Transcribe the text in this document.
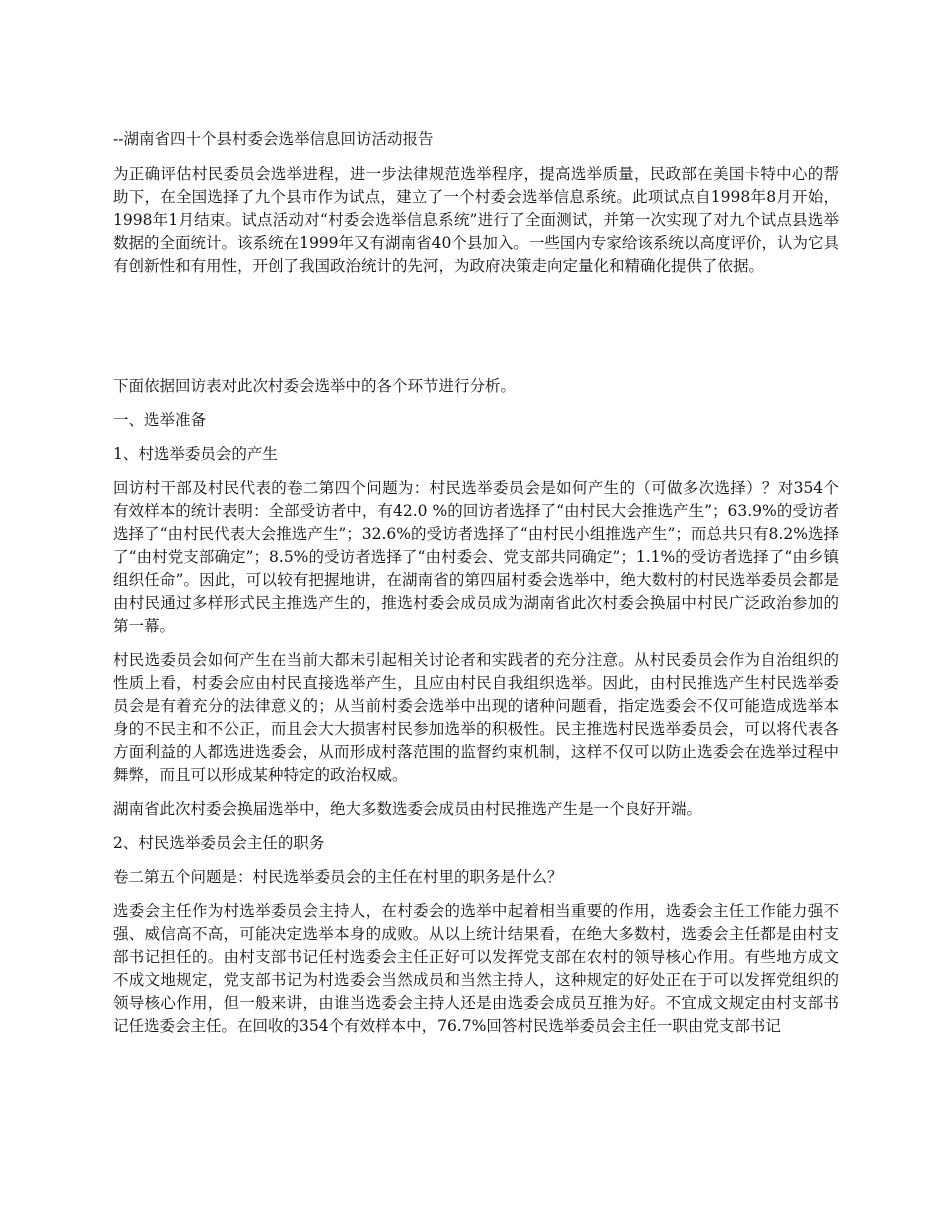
--湖南省四十个县村委会选举信息回访活动报告

为正确评估村民委员会选举进程，进一步法律规范选举程序，提高选举质量，民政部在美国卡特中心的帮助下，在全国选择了九个县市作为试点，建立了一个村委会选举信息系统。此项试点自1998年8月开始，1998年1月结束。试点活动对“村委会选举信息系统”进行了全面测试，并第一次实现了对九个试点县选举数据的全面统计。该系统在1999年又有湖南省40个县加入。一些国内专家给该系统以高度评价，认为它具有创新性和有用性，开创了我国政治统计的先河，为政府决策走向定量化和精确化提供了依据。

下面依据回访表对此次村委会选举中的各个环节进行分析。

一、选举准备

1、村选举委员会的产生

回访村干部及村民代表的卷二第四个问题为：村民选举委员会是如何产生的（可做多次选择）？对354个有效样本的统计表明：全部受访者中，有42.0 %的回访者选择了“由村民大会推选产生”；63.9%的受访者选择了“由村民代表大会推选产生”；32.6%的受访者选择了“由村民小组推选产生”；而总共只有8.2%选择了“由村党支部确定”；8.5%的受访者选择了“由村委会、党支部共同确定”；1.1%的受访者选择了“由乡镇组织任命”。因此，可以较有把握地讲，在湖南省的第四届村委会选举中，绝大数村的村民选举委员会都是由村民通过多样形式民主推选产生的，推选村委会成员成为湖南省此次村委会换届中村民广泛政治参加的第一幕。

村民选委员会如何产生在当前大都未引起相关讨论者和实践者的充分注意。从村民委员会作为自治组织的性质上看，村委会应由村民直接选举产生，且应由村民自我组织选举。因此，由村民推选产生村民选举委员会是有着充分的法律意义的；从当前村委会选举中出现的诸种问题看，指定选委会不仅可能造成选举本身的不民主和不公正，而且会大大损害村民参加选举的积极性。民主推选村民选举委员会，可以将代表各方面利益的人都选进选委会，从而形成村落范围的监督约束机制，这样不仅可以防止选委会在选举过程中舞弊，而且可以形成某种特定的政治权威。

湖南省此次村委会换届选举中，绝大多数选委会成员由村民推选产生是一个良好开端。

2、村民选举委员会主任的职务

卷二第五个问题是：村民选举委员会的主任在村里的职务是什么？

选委会主任作为村选举委员会主持人，在村委会的选举中起着相当重要的作用，选委会主任工作能力强不强、威信高不高，可能决定选举本身的成败。从以上统计结果看，在绝大多数村，选委会主任都是由村支部书记担任的。由村支部书记任村选委会主任正好可以发挥党支部在农村的领导核心作用。有些地方成文不成文地规定，党支部书记为村选委会当然成员和当然主持人，这种规定的好处正在于可以发挥党组织的领导核心作用，但一般来讲，由谁当选委会主持人还是由选委会成员互推为好。不宜成文规定由村支部书记任选委会主任。在回收的354个有效样本中，76.7%回答村民选举委员会主任一职由党支部书记
